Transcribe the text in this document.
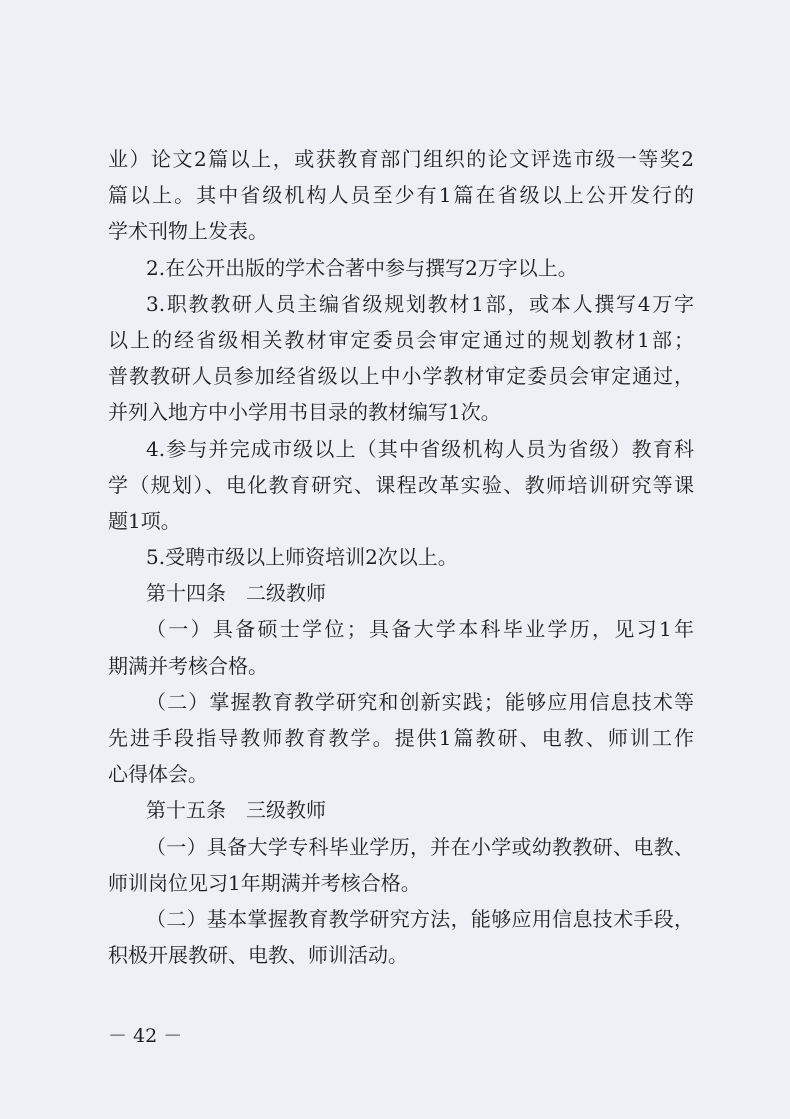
业）论文2篇以上，或获教育部门组织的论文评选市级一等奖2
篇以上。其中省级机构人员至少有1篇在省级以上公开发行的
学术刊物上发表。
2.在公开出版的学术合著中参与撰写2万字以上。
3.职教教研人员主编省级规划教材1部，或本人撰写4万字
以上的经省级相关教材审定委员会审定通过的规划教材1部；
普教教研人员参加经省级以上中小学教材审定委员会审定通过，
并列入地方中小学用书目录的教材编写1次。
4.参与并完成市级以上（其中省级机构人员为省级）教育科
学（规划）、电化教育研究、课程改革实验、教师培训研究等课
题1项。
5.受聘市级以上师资培训2次以上。
第十四条　二级教师
（一）具备硕士学位；具备大学本科毕业学历，见习1年
期满并考核合格。
（二）掌握教育教学研究和创新实践；能够应用信息技术等
先进手段指导教师教育教学。提供1篇教研、电教、师训工作
心得体会。
第十五条　三级教师
（一）具备大学专科毕业学历，并在小学或幼教教研、电教、
师训岗位见习1年期满并考核合格。
（二）基本掌握教育教学研究方法，能够应用信息技术手段，
积极开展教研、电教、师训活动。
－ 42 －
